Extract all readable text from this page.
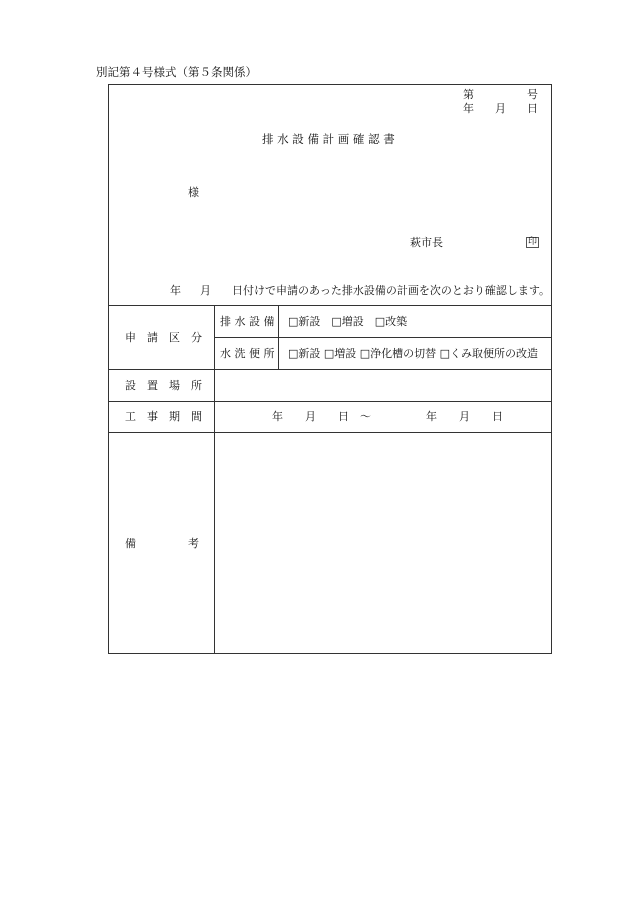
別記第４号様式（第５条関係）
第	号
年 月 日
排 水 設 備 計 画 確 認 書
様
萩市長	印
年 月 日付けで申請のあった排水設備の計画を次のとおり確認します。
申　請　区　分
排 水 設 備 □新設　□増設　□改築
水 洗 便 所 □新設 □増設 □浄化槽の切替 □くみ取便所の改造
設　置　場　所
工　事　期　間	年　　月　　日　～　　　　　年　　月　　日
備	考
